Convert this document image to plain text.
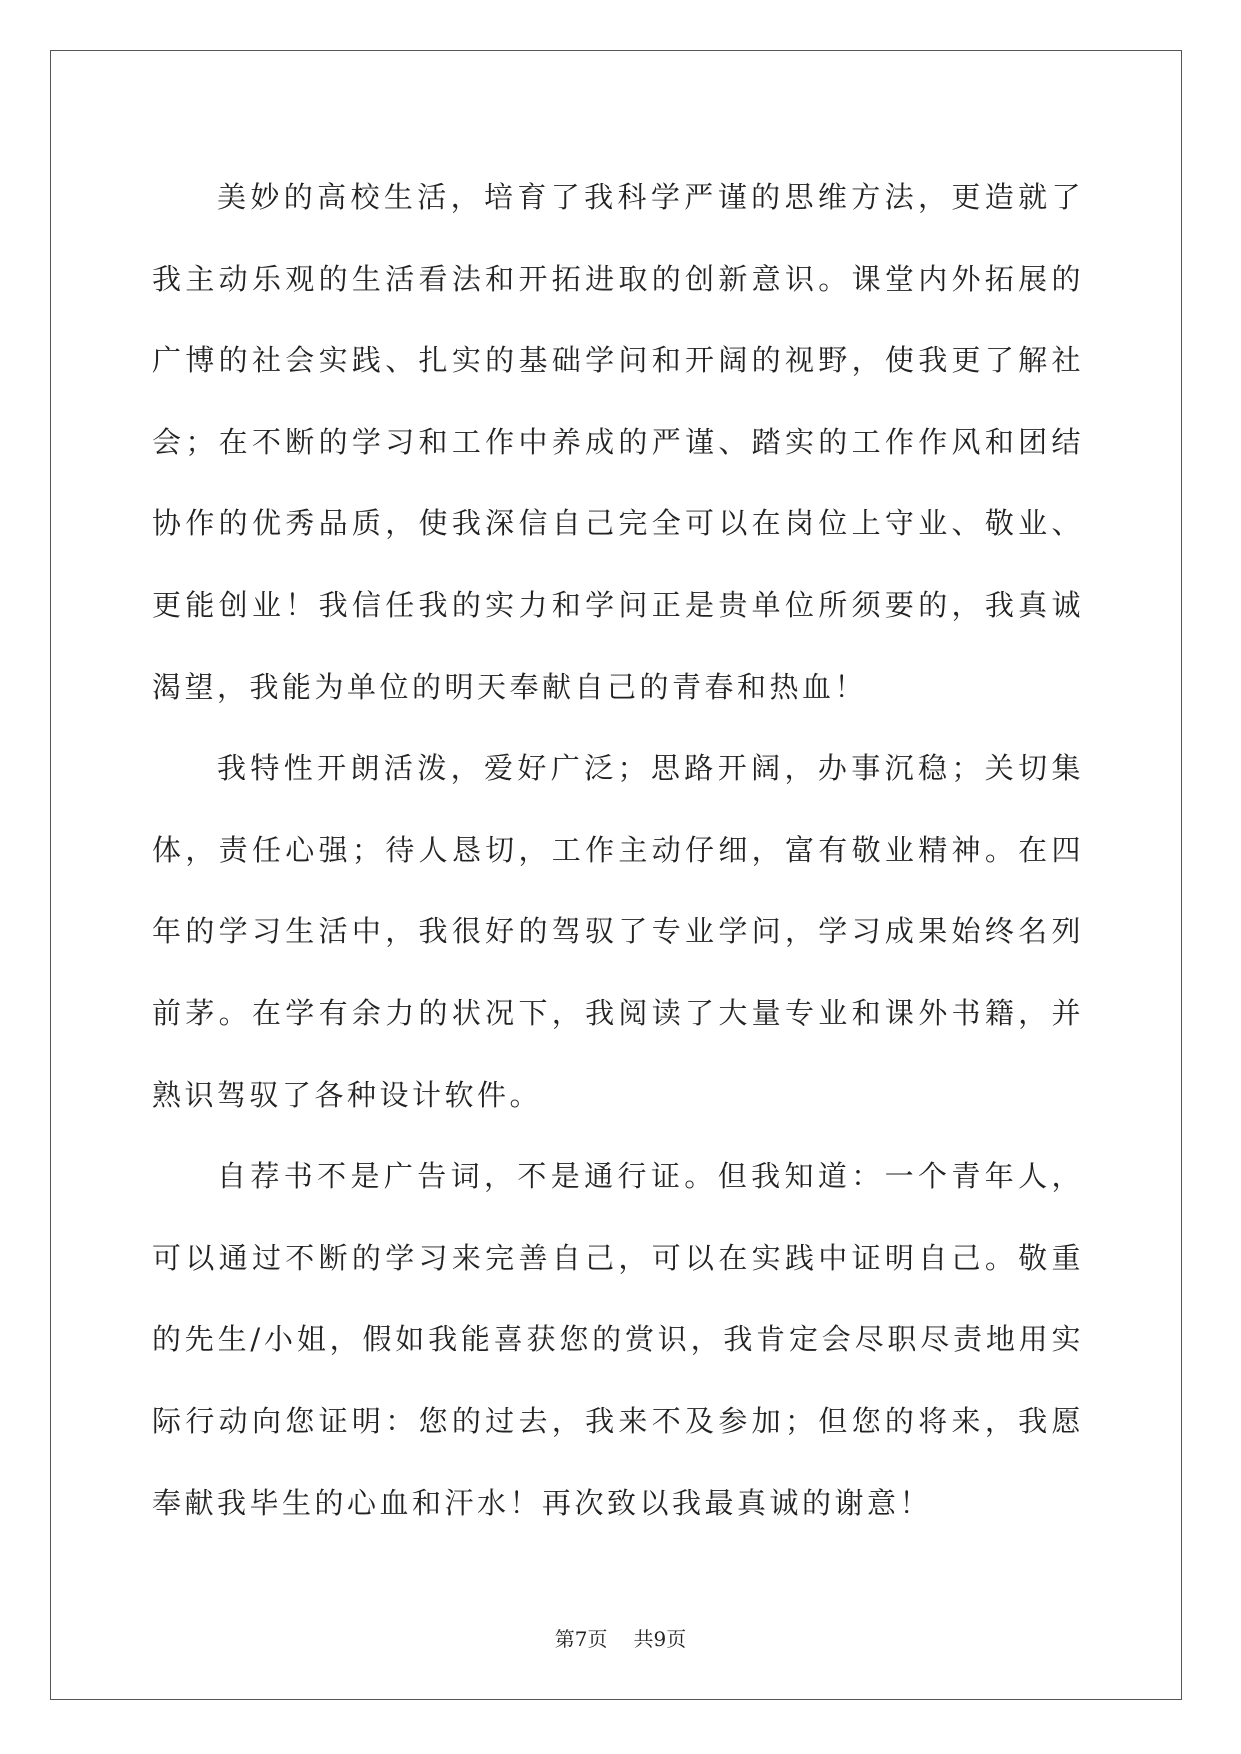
美妙的高校生活，培育了我科学严谨的思维方法，更造就了我主动乐观的生活看法和开拓进取的创新意识。课堂内外拓展的广博的社会实践、扎实的基础学问和开阔的视野，使我更了解社会；在不断的学习和工作中养成的严谨、踏实的工作作风和团结协作的优秀品质，使我深信自己完全可以在岗位上守业、敬业、更能创业！我信任我的实力和学问正是贵单位所须要的，我真诚渴望，我能为单位的明天奉献自己的青春和热血！

我特性开朗活泼，爱好广泛；思路开阔，办事沉稳；关切集体，责任心强；待人恳切，工作主动仔细，富有敬业精神。在四年的学习生活中，我很好的驾驭了专业学问，学习成果始终名列前茅。在学有余力的状况下，我阅读了大量专业和课外书籍，并熟识驾驭了各种设计软件。

自荐书不是广告词，不是通行证。但我知道：一个青年人，可以通过不断的学习来完善自己，可以在实践中证明自己。敬重的先生/小姐，假如我能喜获您的赏识，我肯定会尽职尽责地用实际行动向您证明：您的过去，我来不及参加；但您的将来，我愿奉献我毕生的心血和汗水！再次致以我最真诚的谢意！

第7页 共9页
